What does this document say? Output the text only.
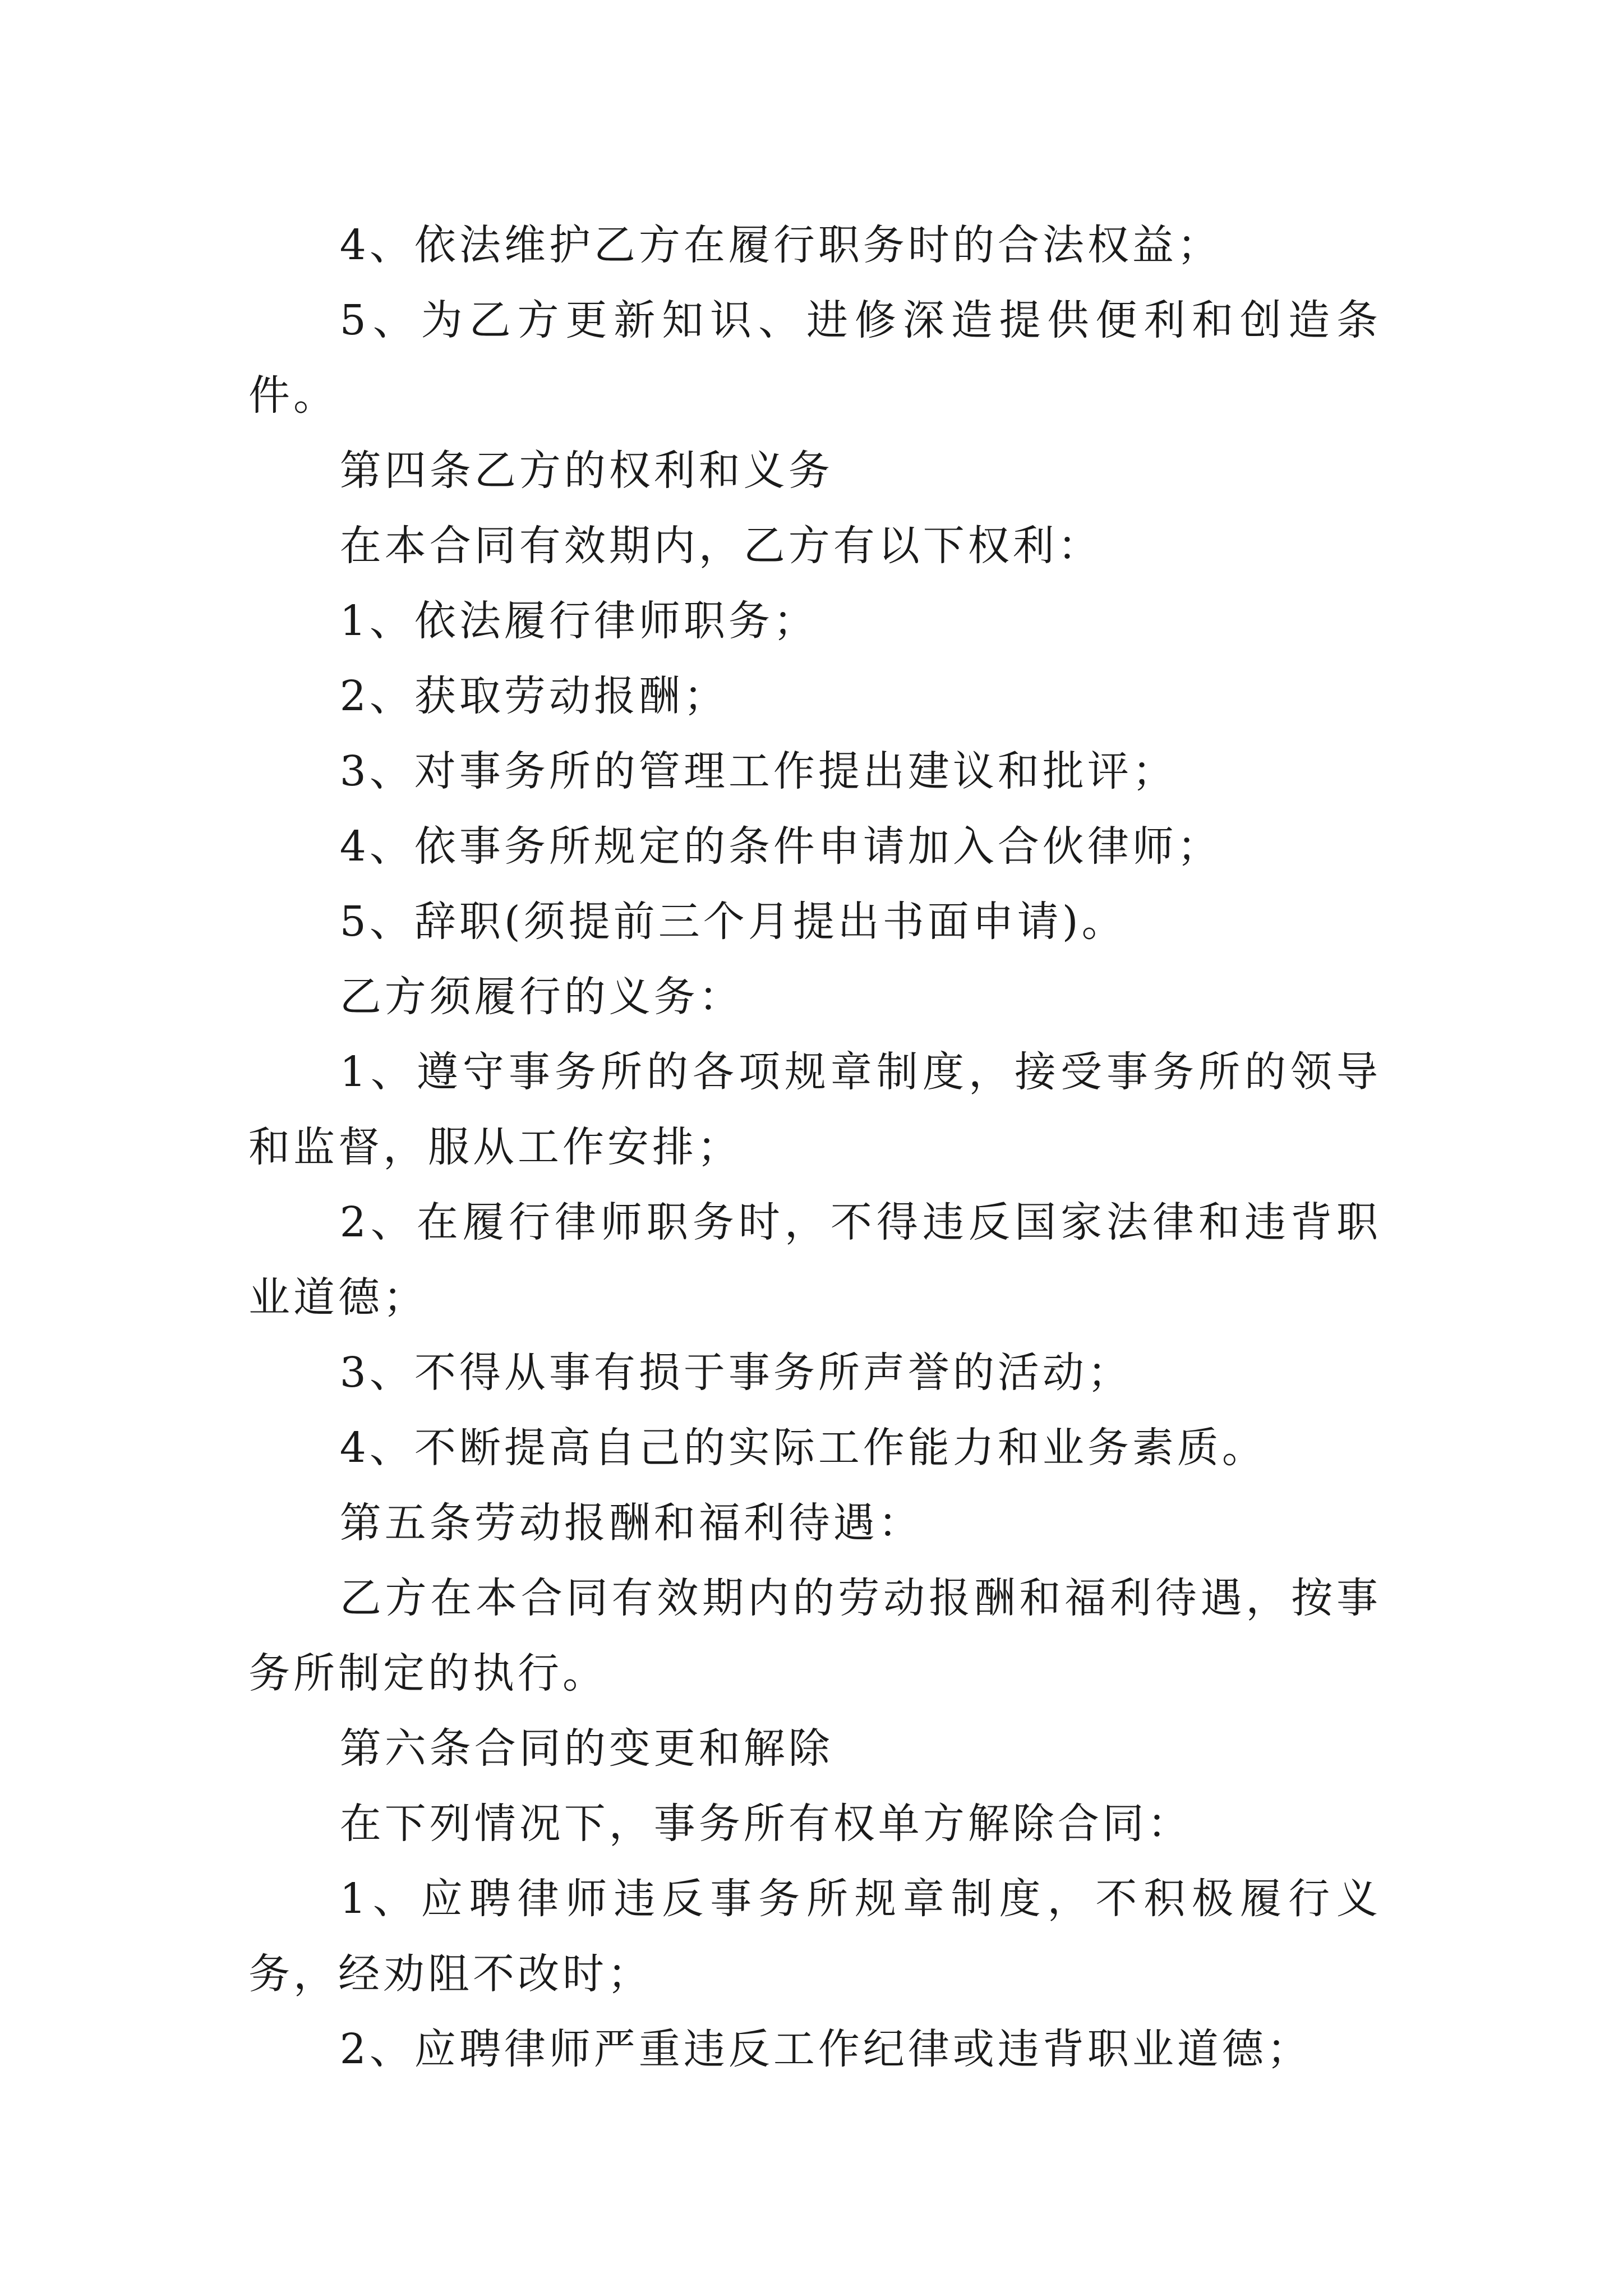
4、依法维护乙方在履行职务时的合法权益；

5、为乙方更新知识、进修深造提供便利和创造条件。

第四条乙方的权利和义务

在本合同有效期内，乙方有以下权利：

1、依法履行律师职务；

2、获取劳动报酬；

3、对事务所的管理工作提出建议和批评；

4、依事务所规定的条件申请加入合伙律师；

5、辞职(须提前三个月提出书面申请)。

乙方须履行的义务：

1、遵守事务所的各项规章制度，接受事务所的领导和监督，服从工作安排；

2、在履行律师职务时，不得违反国家法律和违背职业道德；

3、不得从事有损于事务所声誉的活动；

4、不断提高自己的实际工作能力和业务素质。

第五条劳动报酬和福利待遇：

乙方在本合同有效期内的劳动报酬和福利待遇，按事务所制定的执行。

第六条合同的变更和解除

在下列情况下，事务所有权单方解除合同：

1、应聘律师违反事务所规章制度，不积极履行义务，经劝阻不改时；

2、应聘律师严重违反工作纪律或违背职业道德；
